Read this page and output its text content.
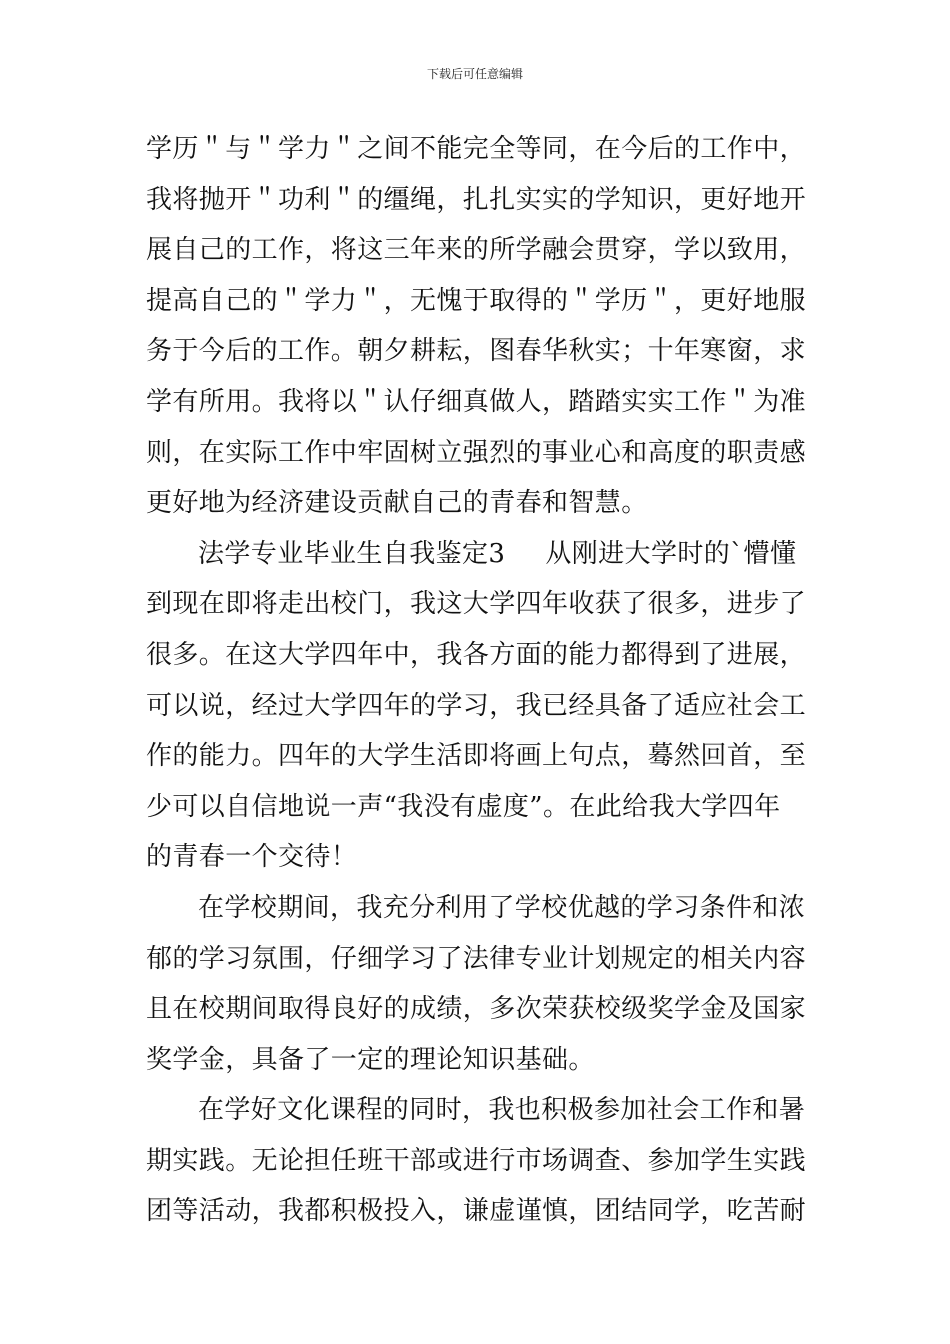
下载后可任意编辑
学历＂与＂学力＂之间不能完全等同，在今后的工作中，
我将抛开＂功利＂的缰绳，扎扎实实的学知识，更好地开
展自己的工作，将这三年来的所学融会贯穿，学以致用，
提高自己的＂学力＂，无愧于取得的＂学历＂，更好地服
务于今后的工作。朝夕耕耘，图春华秋实；十年寒窗，求
学有所用。我将以＂认仔细真做人，踏踏实实工作＂为准
则，在实际工作中牢固树立强烈的事业心和高度的职责感
更好地为经济建设贡献自己的青春和智慧。
法学专业毕业生自我鉴定3 从刚进大学时的`懵懂
到现在即将走出校门，我这大学四年收获了很多，进步了
很多。在这大学四年中，我各方面的能力都得到了进展，
可以说，经过大学四年的学习，我已经具备了适应社会工
作的能力。四年的大学生活即将画上句点，蓦然回首，至
少可以自信地说一声“我没有虚度”。在此给我大学四年
的青春一个交待！
在学校期间，我充分利用了学校优越的学习条件和浓
郁的学习氛围，仔细学习了法律专业计划规定的相关内容
且在校期间取得良好的成绩，多次荣获校级奖学金及国家
奖学金，具备了一定的理论知识基础。
在学好文化课程的同时，我也积极参加社会工作和暑
期实践。无论担任班干部或进行市场调查、参加学生实践
团等活动，我都积极投入，谦虚谨慎，团结同学，吃苦耐
